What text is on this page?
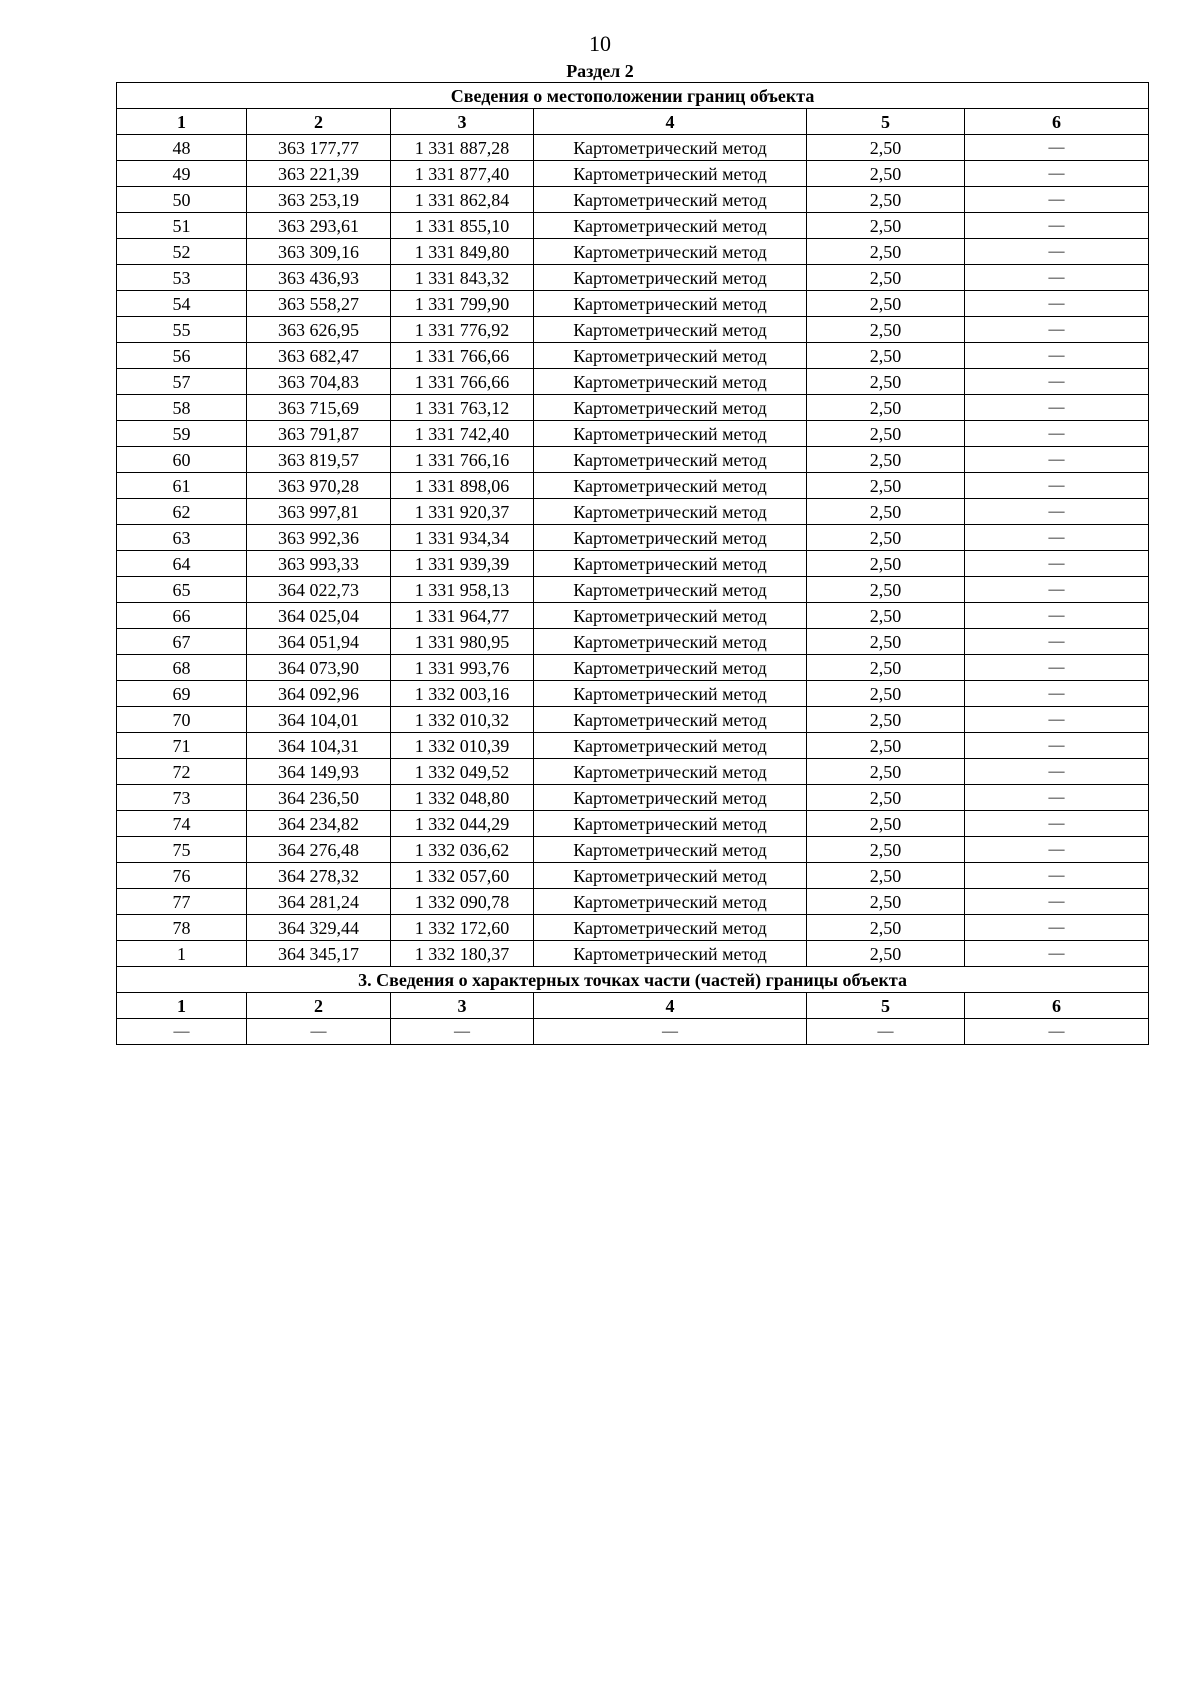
10
Раздел 2
Сведения о местоположении границ объекта					
1	2	3	4	5	6
48	363 177,77	1 331 887,28	Картометрический метод	2,50	—
49	363 221,39	1 331 877,40	Картометрический метод	2,50	—
50	363 253,19	1 331 862,84	Картометрический метод	2,50	—
51	363 293,61	1 331 855,10	Картометрический метод	2,50	—
52	363 309,16	1 331 849,80	Картометрический метод	2,50	—
53	363 436,93	1 331 843,32	Картометрический метод	2,50	—
54	363 558,27	1 331 799,90	Картометрический метод	2,50	—
55	363 626,95	1 331 776,92	Картометрический метод	2,50	—
56	363 682,47	1 331 766,66	Картометрический метод	2,50	—
57	363 704,83	1 331 766,66	Картометрический метод	2,50	—
58	363 715,69	1 331 763,12	Картометрический метод	2,50	—
59	363 791,87	1 331 742,40	Картометрический метод	2,50	—
60	363 819,57	1 331 766,16	Картометрический метод	2,50	—
61	363 970,28	1 331 898,06	Картометрический метод	2,50	—
62	363 997,81	1 331 920,37	Картометрический метод	2,50	—
63	363 992,36	1 331 934,34	Картометрический метод	2,50	—
64	363 993,33	1 331 939,39	Картометрический метод	2,50	—
65	364 022,73	1 331 958,13	Картометрический метод	2,50	—
66	364 025,04	1 331 964,77	Картометрический метод	2,50	—
67	364 051,94	1 331 980,95	Картометрический метод	2,50	—
68	364 073,90	1 331 993,76	Картометрический метод	2,50	—
69	364 092,96	1 332 003,16	Картометрический метод	2,50	—
70	364 104,01	1 332 010,32	Картометрический метод	2,50	—
71	364 104,31	1 332 010,39	Картометрический метод	2,50	—
72	364 149,93	1 332 049,52	Картометрический метод	2,50	—
73	364 236,50	1 332 048,80	Картометрический метод	2,50	—
74	364 234,82	1 332 044,29	Картометрический метод	2,50	—
75	364 276,48	1 332 036,62	Картометрический метод	2,50	—
76	364 278,32	1 332 057,60	Картометрический метод	2,50	—
77	364 281,24	1 332 090,78	Картометрический метод	2,50	—
78	364 329,44	1 332 172,60	Картометрический метод	2,50	—
1	364 345,17	1 332 180,37	Картометрический метод	2,50	—
3. Сведения о характерных точках части (частей) границы объекта					
1	2	3	4	5	6
—	—	—	—	—	—
